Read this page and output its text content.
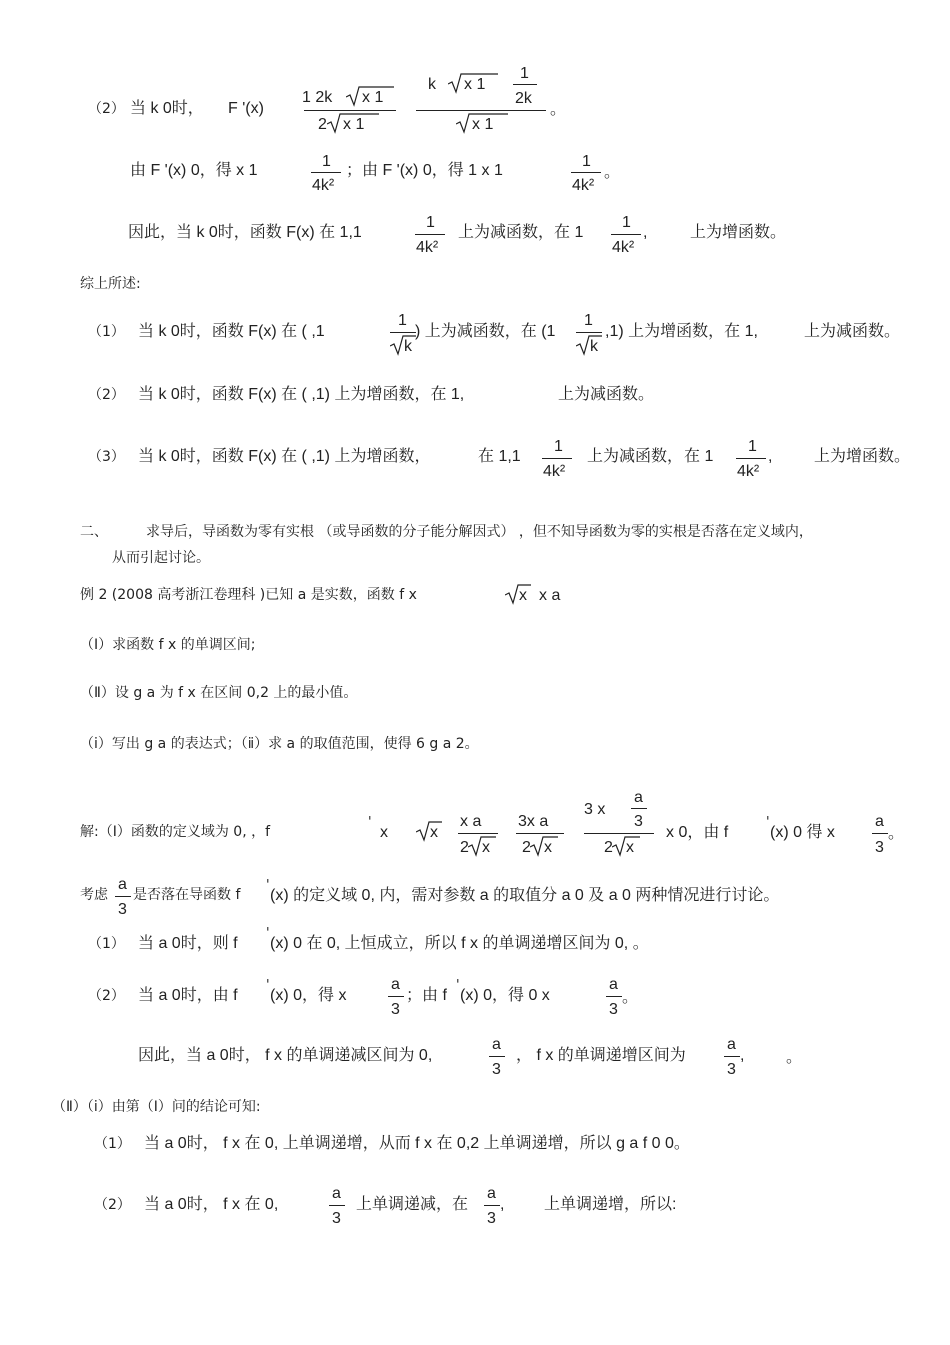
（2） 当 k 0时， F '(x)
1 2k x 1
2 x 1
k x 1
1
2k
x 1
。
由 F '(x) 0，得 x 1
1
4k²
；由 F '(x) 0，得 1 x 1
1
4k²
。
因此，当 k 0时，函数 F(x) 在 1,1
1
4k²
上为减函数，在 1
1
4k²
,	上为增函数。
综上所述:
（1） 当 k 0时，函数 F(x) 在 ( ,1
1
k
) 上为减函数，在 (1
1
k
,1) 上为增函数，在 1,	上为减函数。
（2） 当 k 0时，函数 F(x) 在 ( ,1) 上为增函数，在 1,	上为减函数。
（3） 当 k 0时，函数 F(x) 在 ( ,1) 上为增函数，	在 1,1
1
4k²
上为减函数， 在 1
1
4k²
,	上为增函数。
二、	求导后，导函数为零有实根 （或导函数的分子能分解因式） ，但不知导函数为零的实根是否落在定义域内，
从而引起讨论。
例 2 (2008 高考浙江卷理科 )已知 a 是实数，函数 f x	x x a
（Ⅰ）求函数 f x 的单调区间;
（Ⅱ）设 g a 为 f x 在区间 0,2 上的最小值。
（ⅰ）写出 g a 的表达式；（ⅱ）求 a 的取值范围，使得 6 g a 2。
解:（Ⅰ）函数的定义域为 0, ，f
'
x	x
x a
2 x
3x a
2 x
3 x
a
3
2 x
x 0，由 f
'
(x) 0 得 x
a
3
。
考虑
a
3
是否落在导函数 f
'
(x) 的定义域 0, 内，需对参数 a 的取值分 a 0 及 a 0 两种情况进行讨论。
（1） 当 a 0时，则 f
'
(x) 0 在 0, 上恒成立，所以 f x 的单调递增区间为 0, 。
（2） 当 a 0时，由 f
'
(x) 0，得 x
a
3
；由 f
'
(x) 0，得 0 x
a
3
。
因此，当 a 0时， f x 的单调递减区间为 0,
a
3
， f x 的单调递增区间为
a
3
,	。
（Ⅱ）（ⅰ）由第（Ⅰ）问的结论可知:
（1） 当 a 0时， f x 在 0, 上单调递增，从而 f x 在 0,2 上单调递增，所以 g a f 0 0。
（2） 当 a 0时， f x 在 0,
a
3
上单调递减，在
a
3
, 上单调递增，所以:
